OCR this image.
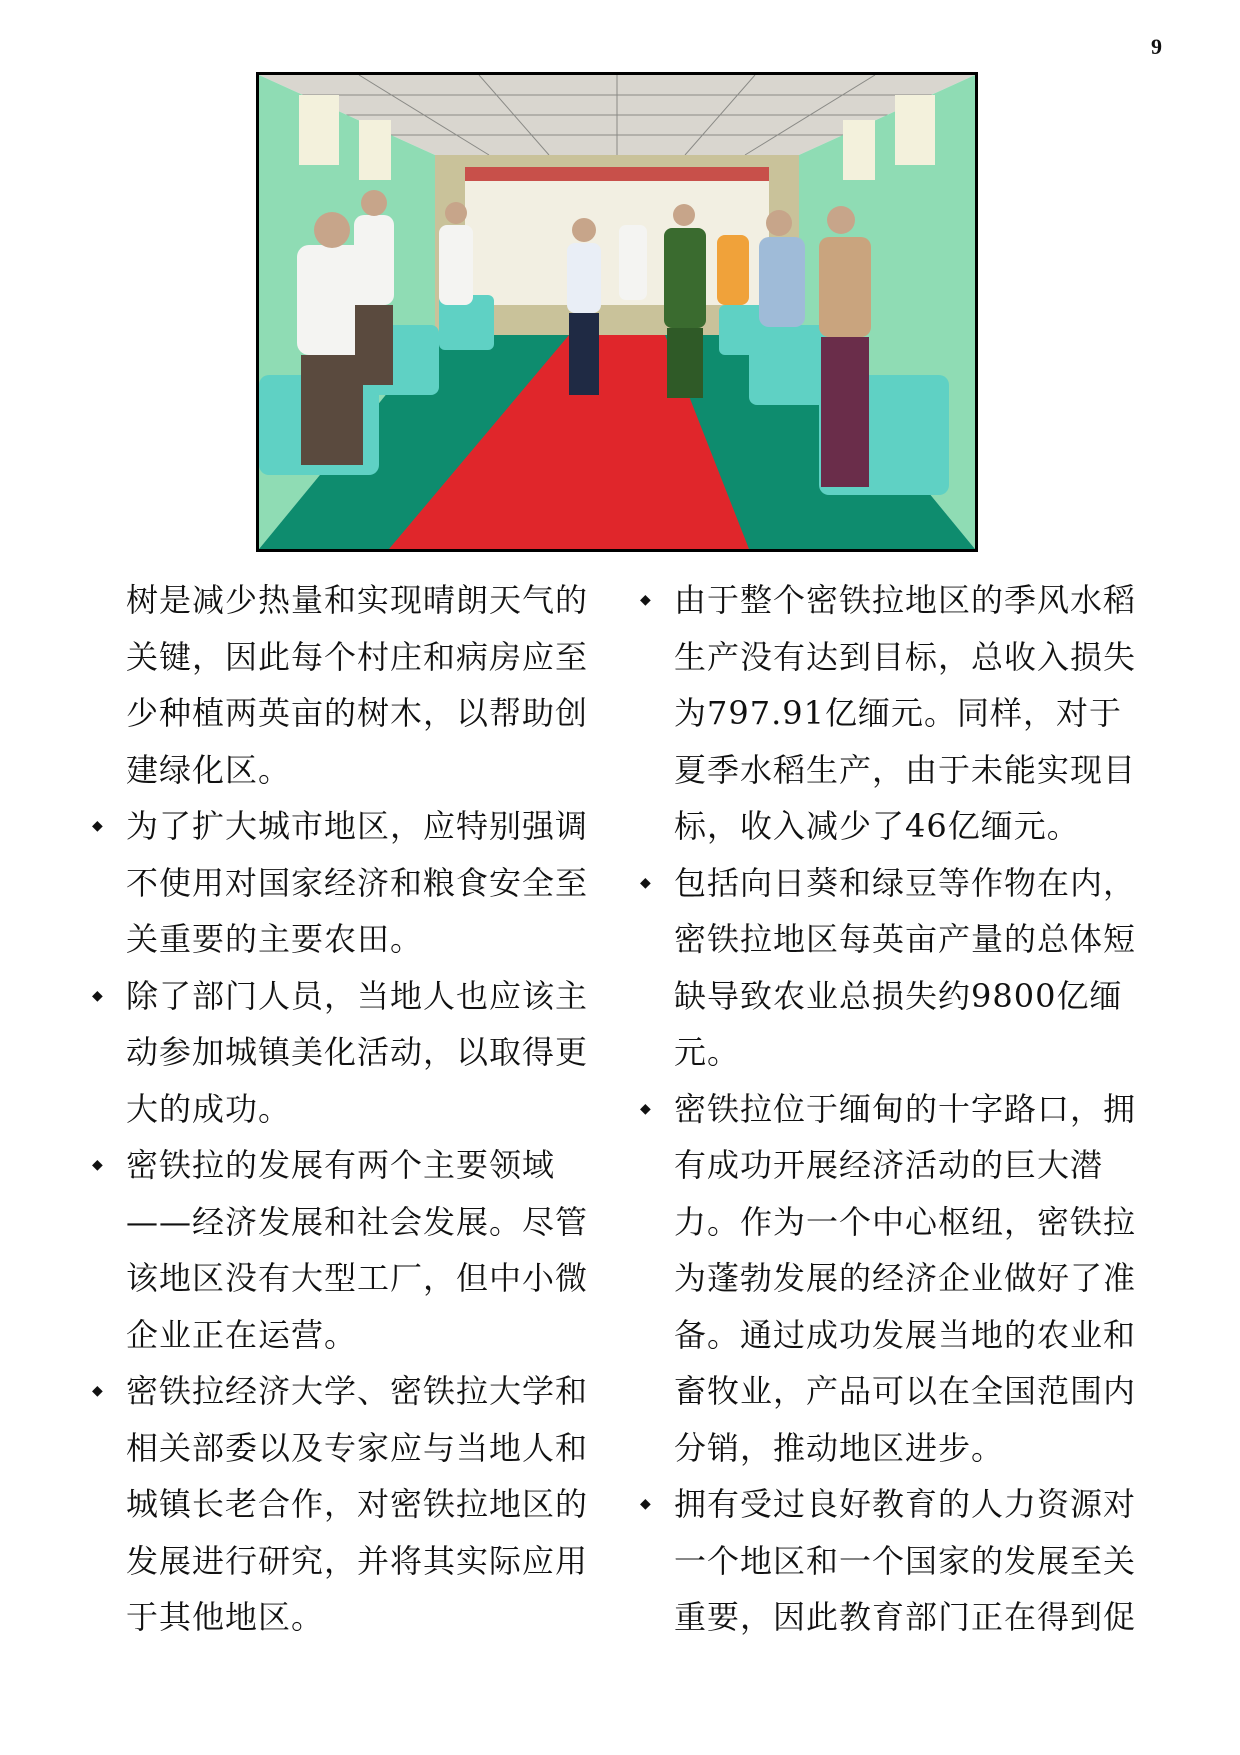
9
树是减少热量和实现晴朗天气的关键，因此每个村庄和病房应至少种植两英亩的树木，以帮助创建绿化区。
◆
为了扩大城市地区，应特别强调不使用对国家经济和粮食安全至关重要的主要农田。
◆
除了部门人员，当地人也应该主动参加城镇美化活动，以取得更大的成功。
◆
密铁拉的发展有两个主要领域——经济发展和社会发展。尽管该地区没有大型工厂，但中小微企业正在运营。
◆
密铁拉经济大学、密铁拉大学和相关部委以及专家应与当地人和城镇长老合作，对密铁拉地区的发展进行研究，并将其实际应用于其他地区。
◆
由于整个密铁拉地区的季风水稻生产没有达到目标，总收入损失为797.91亿缅元。同样，对于夏季水稻生产，由于未能实现目标，收入减少了46亿缅元。
◆
包括向日葵和绿豆等作物在内，密铁拉地区每英亩产量的总体短缺导致农业总损失约9800亿缅元。
◆
密铁拉位于缅甸的十字路口，拥有成功开展经济活动的巨大潜力。作为一个中心枢纽，密铁拉为蓬勃发展的经济企业做好了准备。通过成功发展当地的农业和畜牧业，产品可以在全国范围内分销，推动地区进步。
◆
拥有受过良好教育的人力资源对一个地区和一个国家的发展至关重要，因此教育部门正在得到促
